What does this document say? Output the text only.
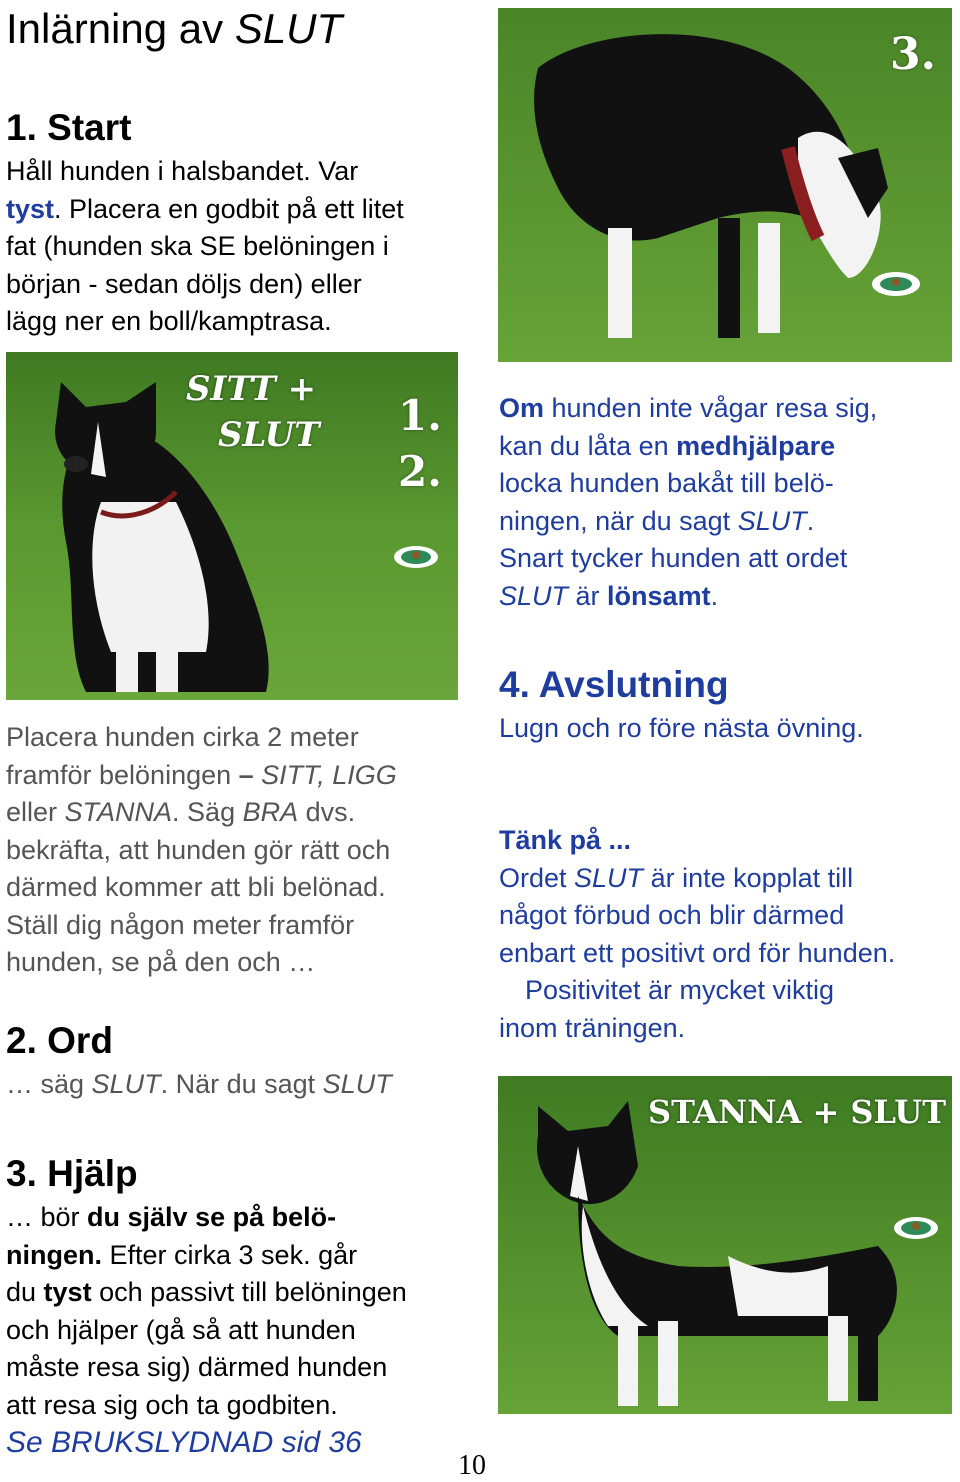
Inlärning av SLUT
1. Start
Håll hunden i halsbandet. Var
tyst. Placera en godbit på ett litet
fat (hunden ska SE belöningen i
början - sedan döljs den) eller
lägg ner en boll/kamptrasa.
SITT +
SLUT 1.
2.
Placera hunden cirka 2 meter
framför belöningen – SITT, LIGG
eller STANNA. Säg BRA dvs.
bekräfta, att hunden gör rätt och
därmed kommer att bli belönad.
Ställ dig någon meter framför
hunden, se på den och …
2. Ord
… säg SLUT. När du sagt SLUT
3. Hjälp
… bör du själv se på belö-
ningen. Efter cirka 3 sek. går
du tyst och passivt till belöningen
och hjälper (gå så att hunden
måste resa sig) därmed hunden
att resa sig och ta godbiten.
Se BRUKSLYDNAD sid 36
10
3.
Om hunden inte vågar resa sig,
kan du låta en medhjälpare
locka hunden bakåt till belö-
ningen, när du sagt SLUT.
Snart tycker hunden att ordet
SLUT är lönsamt.
4. Avslutning
Lugn och ro före nästa övning.
Tänk på ...
Ordet SLUT är inte kopplat till
något förbud och blir därmed
enbart ett positivt ord för hunden.
Positivitet är mycket viktig
inom träningen.
STANNA + SLUT
